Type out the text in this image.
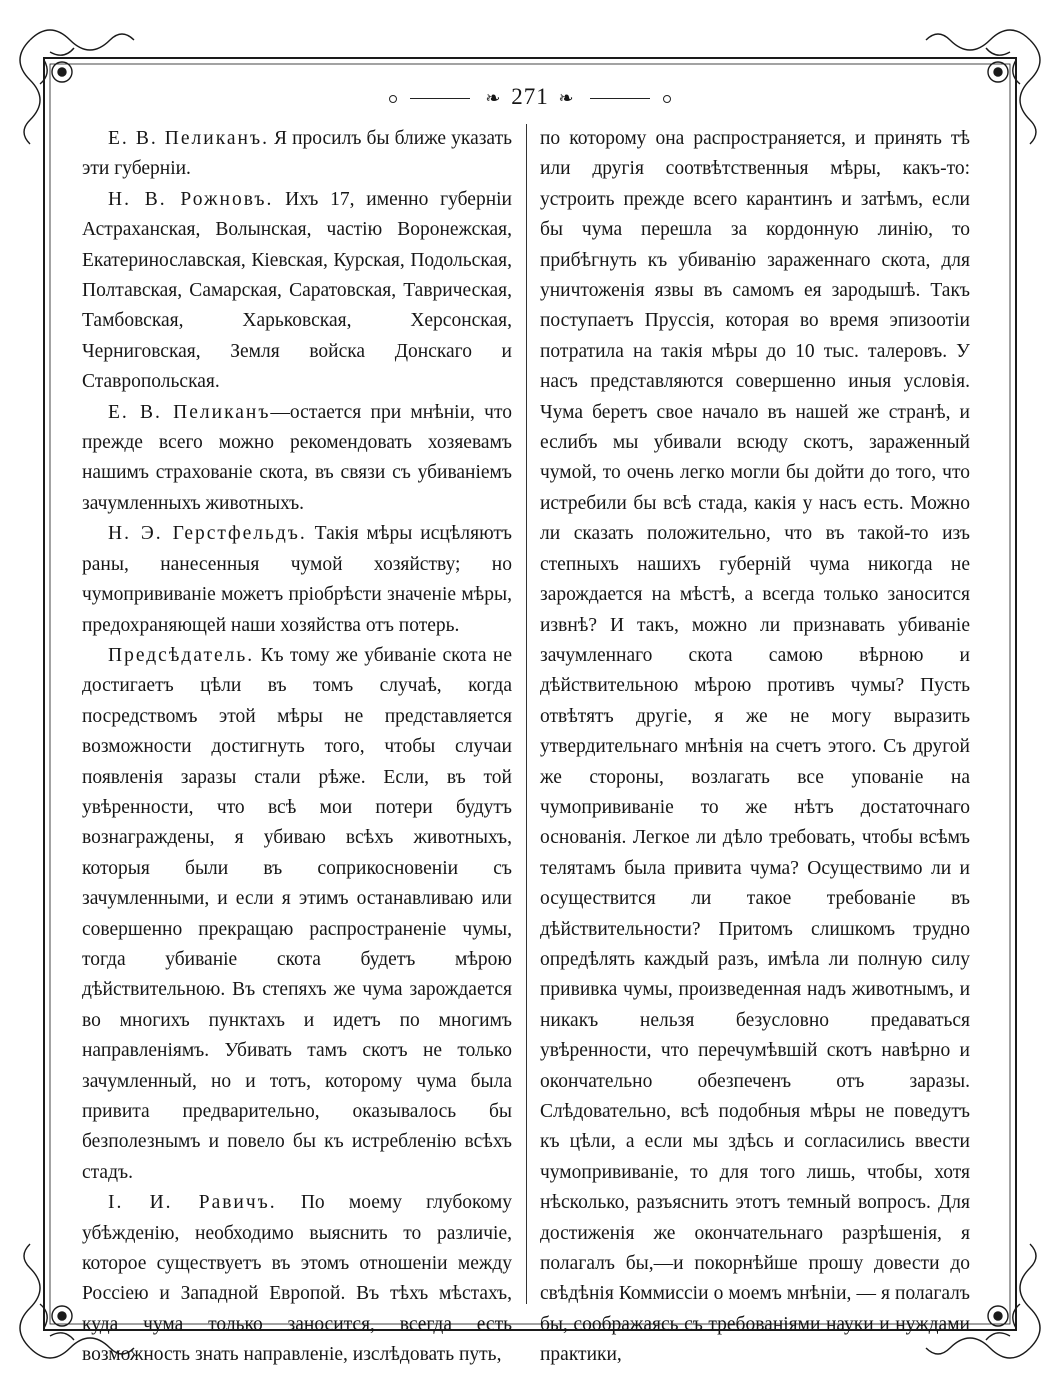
❧ 271 ❧

Е. В. Пеликанъ. Я просилъ бы ближе указать эти губерніи.

Н. В. Рожновъ. Ихъ 17, именно губерніи Астраханская, Волынская, частію Воронежская, Екатеринославская, Кіевская, Курская, Подольская, Полтавская, Самарская, Саратовская, Таврическая, Тамбовская, Харьковская, Херсонская, Черниговская, Земля войска Донскаго и Ставропольская.

Е. В. Пеликанъ—остается при мнѣніи, что прежде всего можно рекомендовать хозяевамъ нашимъ страхованіе скота, въ связи съ убиваніемъ зачумленныхъ животныхъ.

Н. Э. Герстфельдъ. Такія мѣры исцѣляютъ раны, нанесенныя чумой хозяйству; но чумопрививаніе можетъ пріобрѣсти значеніе мѣры, предохраняющей наши хозяйства отъ потерь.

Предсѣдатель. Къ тому же убиваніе скота не достигаетъ цѣли въ томъ случаѣ, когда посредствомъ этой мѣры не представляется возможности достигнуть того, чтобы случаи появленія заразы стали рѣже. Если, въ той увѣренности, что всѣ мои потери будутъ вознаграждены, я убиваю всѣхъ животныхъ, которыя были въ соприкосновеніи съ зачумленными, и если я этимъ останавливаю или совершенно прекращаю распространеніе чумы, тогда убиваніе скота будетъ мѣрою дѣйствительною. Въ степяхъ же чума зарождается во многихъ пунктахъ и идетъ по многимъ направленіямъ. Убивать тамъ скотъ не только зачумленный, но и тотъ, которому чума была привита предварительно, оказывалось бы безполезнымъ и повело бы къ истребленію всѣхъ стадъ.

І. И. Равичъ. По моему глубокому убѣжденію, необходимо выяснить то различіе, которое существуетъ въ этомъ отношеніи между Россіею и Западной Европой. Въ тѣхъ мѣстахъ, куда чума только заносится, всегда есть возможность знать направленіе, изслѣдовать путь,

по которому она распространяется, и принять тѣ или другія соотвѣтственныя мѣры, какъ-то: устроить прежде всего карантинъ и затѣмъ, если бы чума перешла за кордонную линію, то прибѣгнуть къ убиванію зараженнаго скота, для уничтоженія язвы въ самомъ ея зародышѣ. Такъ поступаетъ Пруссія, которая во время эпизоотіи потратила на такія мѣры до 10 тыс. талеровъ. У насъ представляются совершенно иныя условія. Чума беретъ свое начало въ нашей же странѣ, и еслибъ мы убивали всюду скотъ, зараженный чумой, то очень легко могли бы дойти до того, что истребили бы всѣ стада, какія у насъ есть. Можно ли сказать положительно, что въ такой-то изъ степныхъ нашихъ губерній чума никогда не зарождается на мѣстѣ, а всегда только заносится извнѣ? И такъ, можно ли признавать убиваніе зачумленнаго скота самою вѣрною и дѣйствительною мѣрою противъ чумы? Пусть отвѣтятъ другіе, я же не могу выразить утвердительнаго мнѣнія на счетъ этого. Съ другой же стороны, возлагать все упованіе на чумопрививаніе то же нѣтъ достаточнаго основанія. Легкое ли дѣло требовать, чтобы всѣмъ телятамъ была привита чума? Осуществимо ли и осуществится ли такое требованіе въ дѣйствительности? Притомъ слишкомъ трудно опредѣлять каждый разъ, имѣла ли полную силу прививка чумы, произведенная надъ животнымъ, и никакъ нельзя безусловно предаваться увѣренности, что перечумѣвшій скотъ навѣрно и окончательно обезпеченъ отъ заразы. Слѣдовательно, всѣ подобныя мѣры не поведутъ къ цѣли, а если мы здѣсь и согласились ввести чумопрививаніе, то для того лишь, чтобы, хотя нѣсколько, разъяснить этотъ темный вопросъ. Для достиженія же окончательнаго разрѣшенія, я полагалъ бы,—и покорнѣйше прошу довести до свѣдѣнія Коммиссіи о моемъ мнѣніи, — я полагалъ бы, соображаясь съ требованіями науки и нуждами практики,
